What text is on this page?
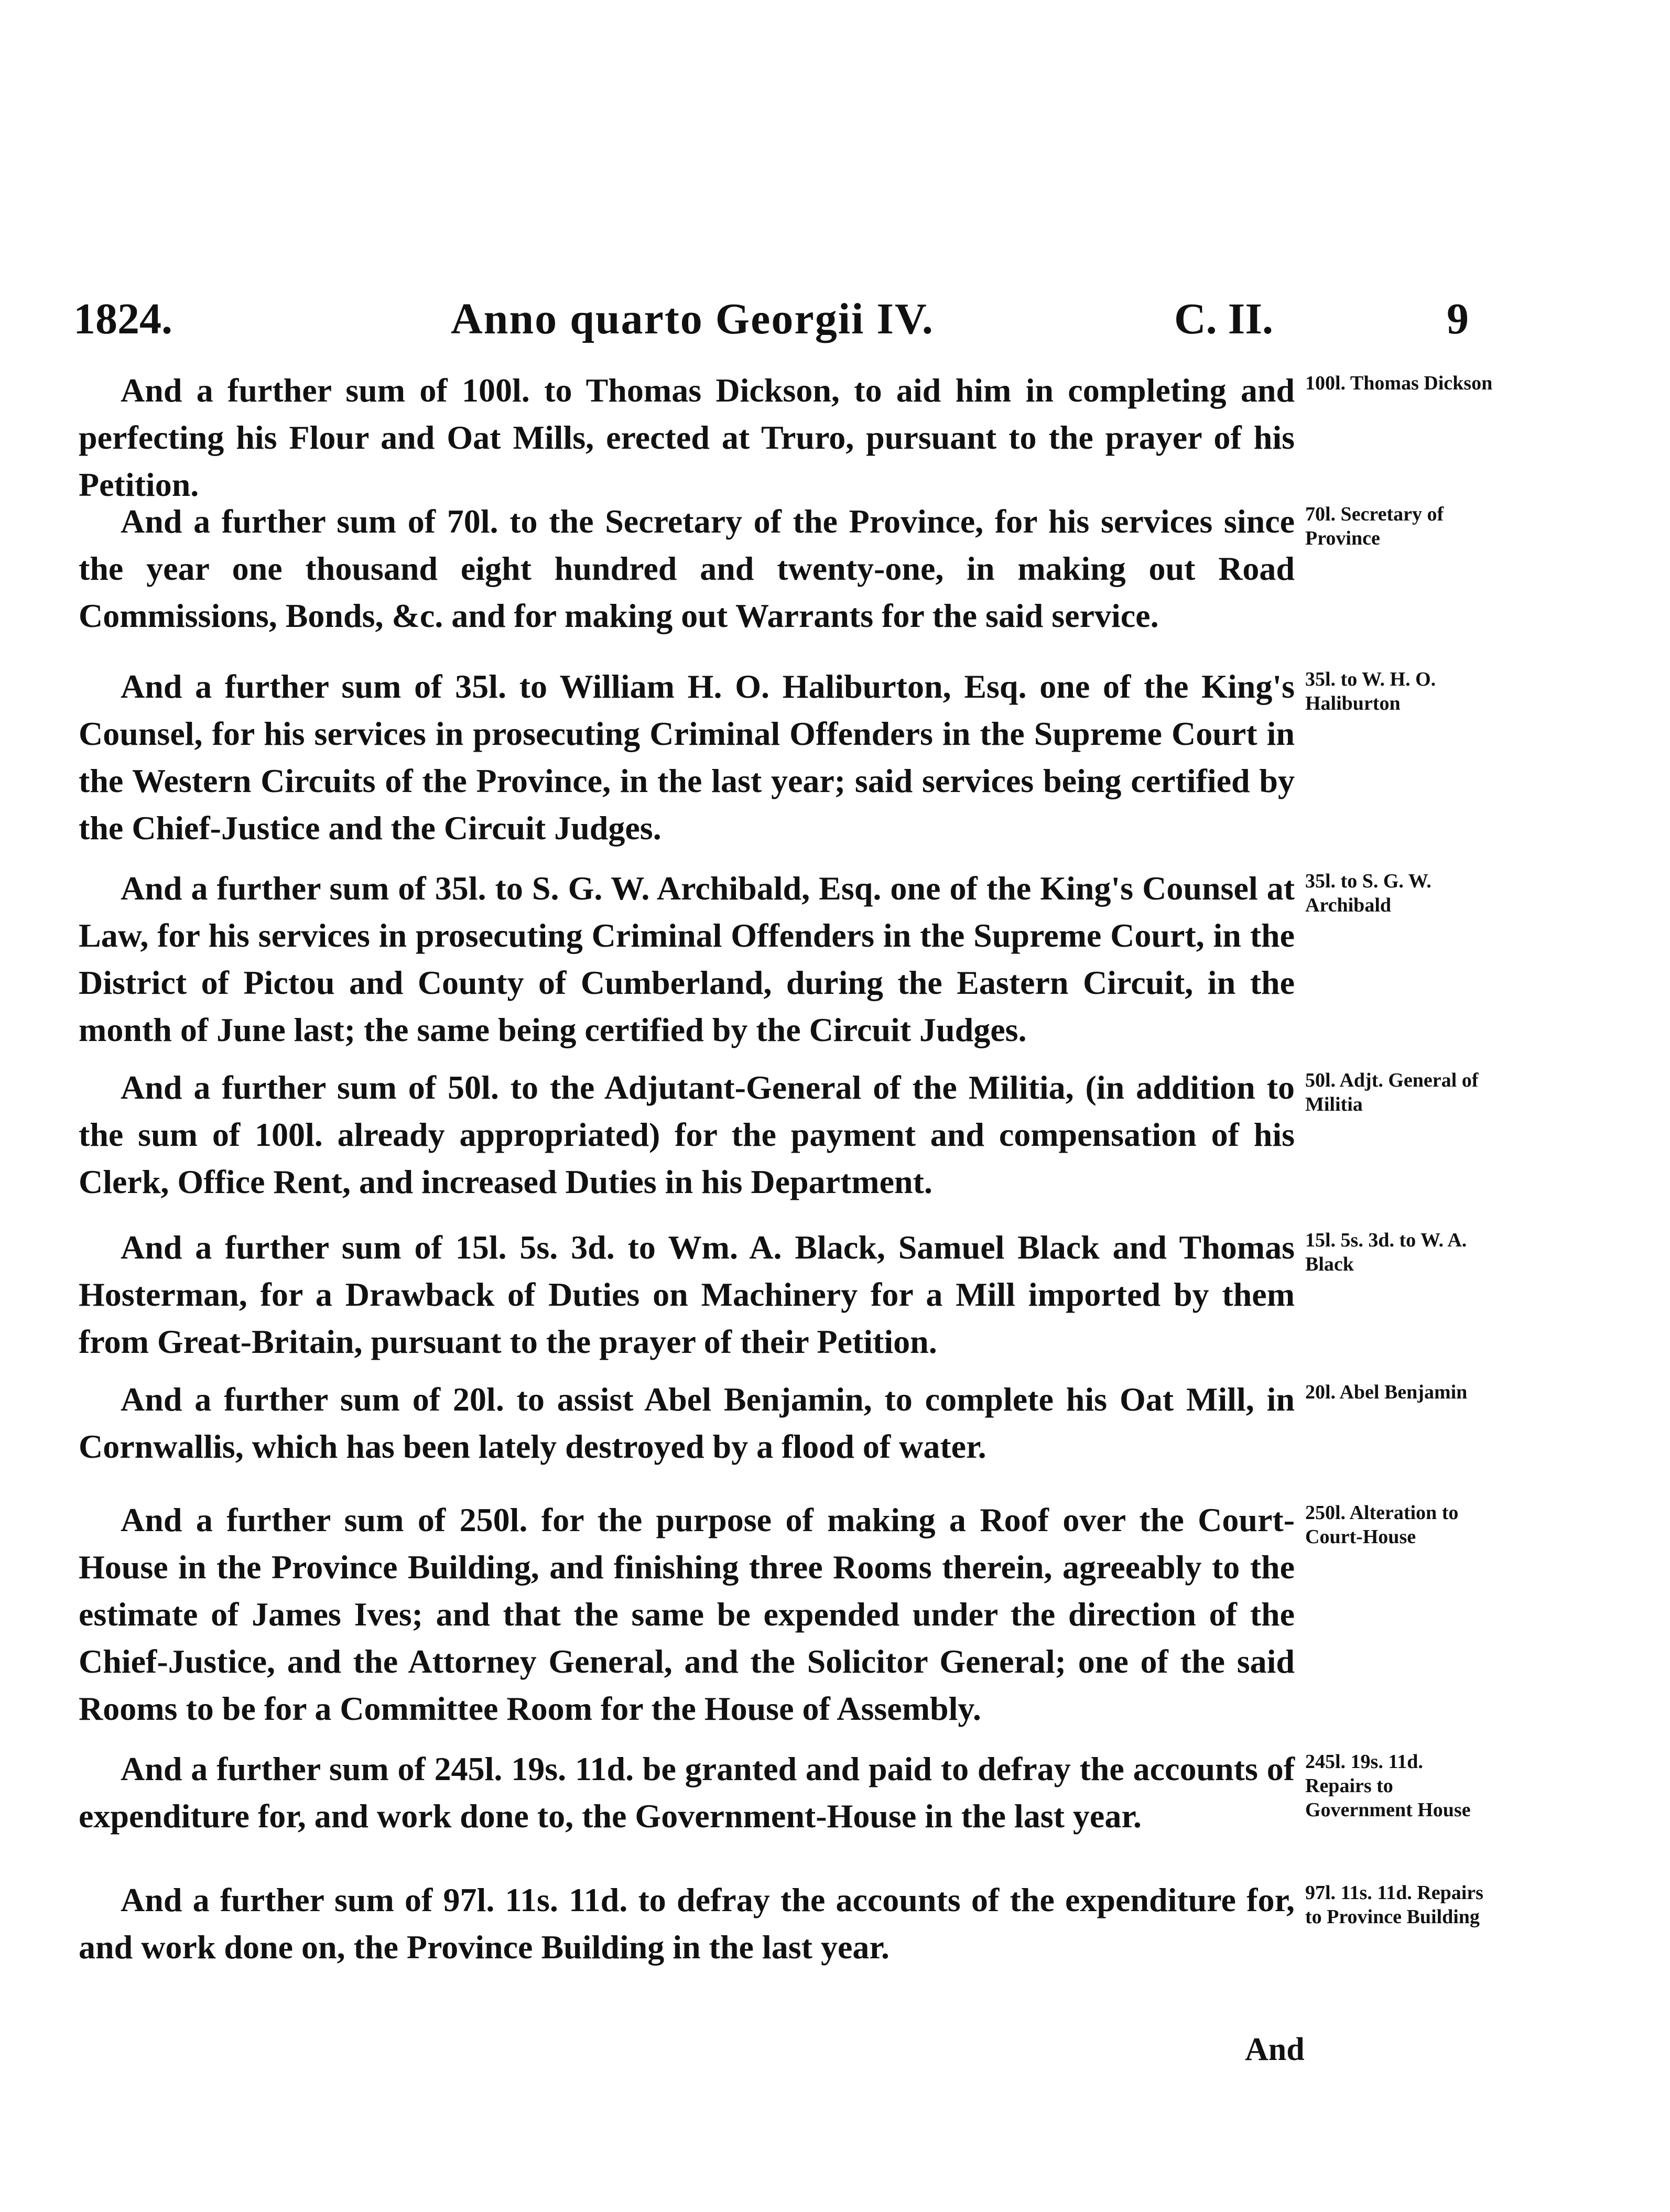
1824.	Anno quarto Georgii IV.	C. II.	9
And a further sum of 100l. to Thomas Dickson, to aid him in completing and perfecting his Flour and Oat Mills, erected at Truro, pursuant to the prayer of his Petition.
100l. Thomas Dickson
And a further sum of 70l. to the Secretary of the Province, for his services since the year one thousand eight hundred and twenty-one, in making out Road Commissions, Bonds, &c. and for making out Warrants for the said service.
70l. Secretary of Province
And a further sum of 35l. to William H. O. Haliburton, Esq. one of the King's Counsel, for his services in prosecuting Criminal Offenders in the Supreme Court in the Western Circuits of the Province, in the last year; said services being certified by the Chief-Justice and the Circuit Judges.
35l. to W. H. O. Haliburton
And a further sum of 35l. to S. G. W. Archibald, Esq. one of the King's Counsel at Law, for his services in prosecuting Criminal Offenders in the Supreme Court, in the District of Pictou and County of Cumberland, during the Eastern Circuit, in the month of June last; the same being certified by the Circuit Judges.
35l. to S. G. W. Archibald
And a further sum of 50l. to the Adjutant-General of the Militia, (in addition to the sum of 100l. already appropriated) for the payment and compensation of his Clerk, Office Rent, and increased Duties in his Department.
50l. Adjt. General of Militia
And a further sum of 15l. 5s. 3d. to Wm. A. Black, Samuel Black and Thomas Hosterman, for a Drawback of Duties on Machinery for a Mill imported by them from Great-Britain, pursuant to the prayer of their Petition.
15l. 5s. 3d. to W. A. Black
And a further sum of 20l. to assist Abel Benjamin, to complete his Oat Mill, in Cornwallis, which has been lately destroyed by a flood of water.
20l. Abel Benjamin
And a further sum of 250l. for the purpose of making a Roof over the Court-House in the Province Building, and finishing three Rooms therein, agreeably to the estimate of James Ives; and that the same be expended under the direction of the Chief-Justice, and the Attorney General, and the Solicitor General; one of the said Rooms to be for a Committee Room for the House of Assembly.
250l. Alteration to Court-House
And a further sum of 245l. 19s. 11d. be granted and paid to defray the accounts of expenditure for, and work done to, the Government-House in the last year.
245l. 19s. 11d. Repairs to Government House
And a further sum of 97l. 11s. 11d. to defray the accounts of the expenditure for, and work done on, the Province Building in the last year.
97l. 11s. 11d. Repairs to Province Building
And
